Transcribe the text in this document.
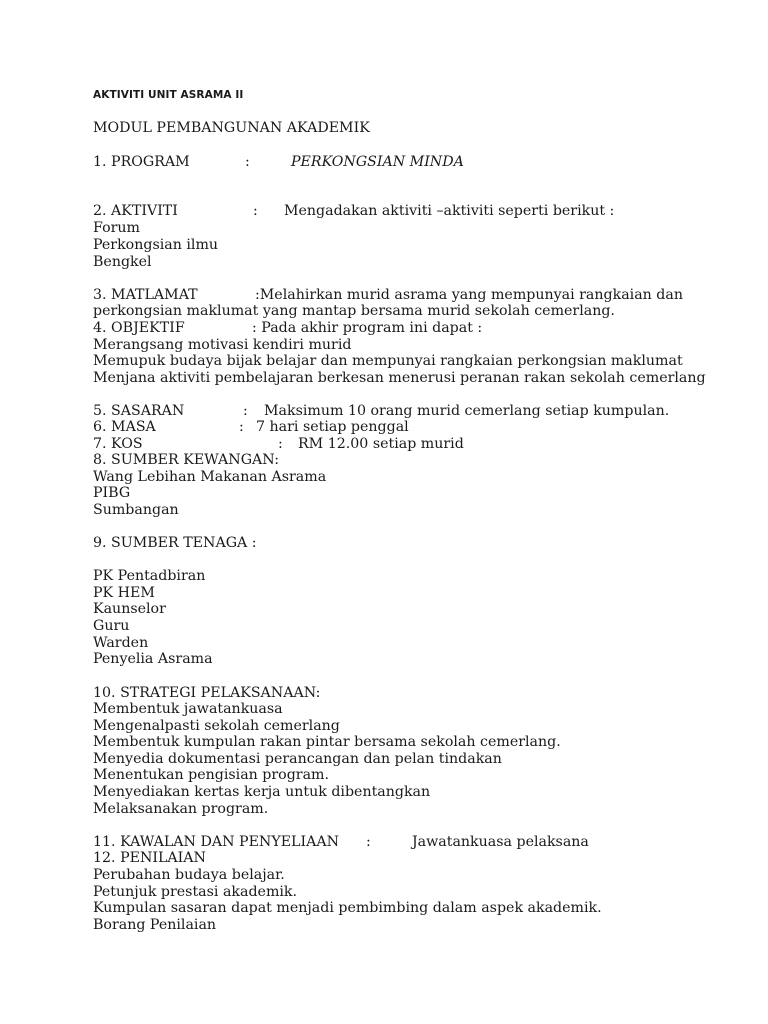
AKTIVITI UNIT ASRAMA II
MODUL PEMBANGUNAN AKADEMIK
1. PROGRAM	:	PERKONGSIAN MINDA
2. AKTIVITI	: Mengadakan aktiviti –aktiviti seperti berikut :
Forum
Perkongsian ilmu
Bengkel
3. MATLAMAT	:Melahirkan murid asrama yang mempunyai rangkaian dan
perkongsian maklumat yang mantap bersama murid sekolah cemerlang.
4. OBJEKTIF	: Pada akhir program ini dapat :
Merangsang motivasi kendiri murid
Memupuk budaya bijak belajar dan mempunyai rangkaian perkongsian maklumat
Menjana aktiviti pembelajaran berkesan menerusi peranan rakan sekolah cemerlang
5. SASARAN	: Maksimum 10 orang murid cemerlang setiap kumpulan.
6. MASA	: 7 hari setiap penggal
7. KOS	: RM 12.00 setiap murid
8. SUMBER KEWANGAN:
Wang Lebihan Makanan Asrama
PIBG
Sumbangan
9. SUMBER TENAGA :
PK Pentadbiran
PK HEM
Kaunselor
Guru
Warden
Penyelia Asrama
10. STRATEGI PELAKSANAAN:
Membentuk jawatankuasa
Mengenalpasti sekolah cemerlang
Membentuk kumpulan rakan pintar bersama sekolah cemerlang.
Menyedia dokumentasi perancangan dan pelan tindakan
Menentukan pengisian program.
Menyediakan kertas kerja untuk dibentangkan
Melaksanakan program.
11. KAWALAN DAN PENYELIAAN :	Jawatankuasa pelaksana
12. PENILAIAN
Perubahan budaya belajar.
Petunjuk prestasi akademik.
Kumpulan sasaran dapat menjadi pembimbing dalam aspek akademik.
Borang Penilaian
